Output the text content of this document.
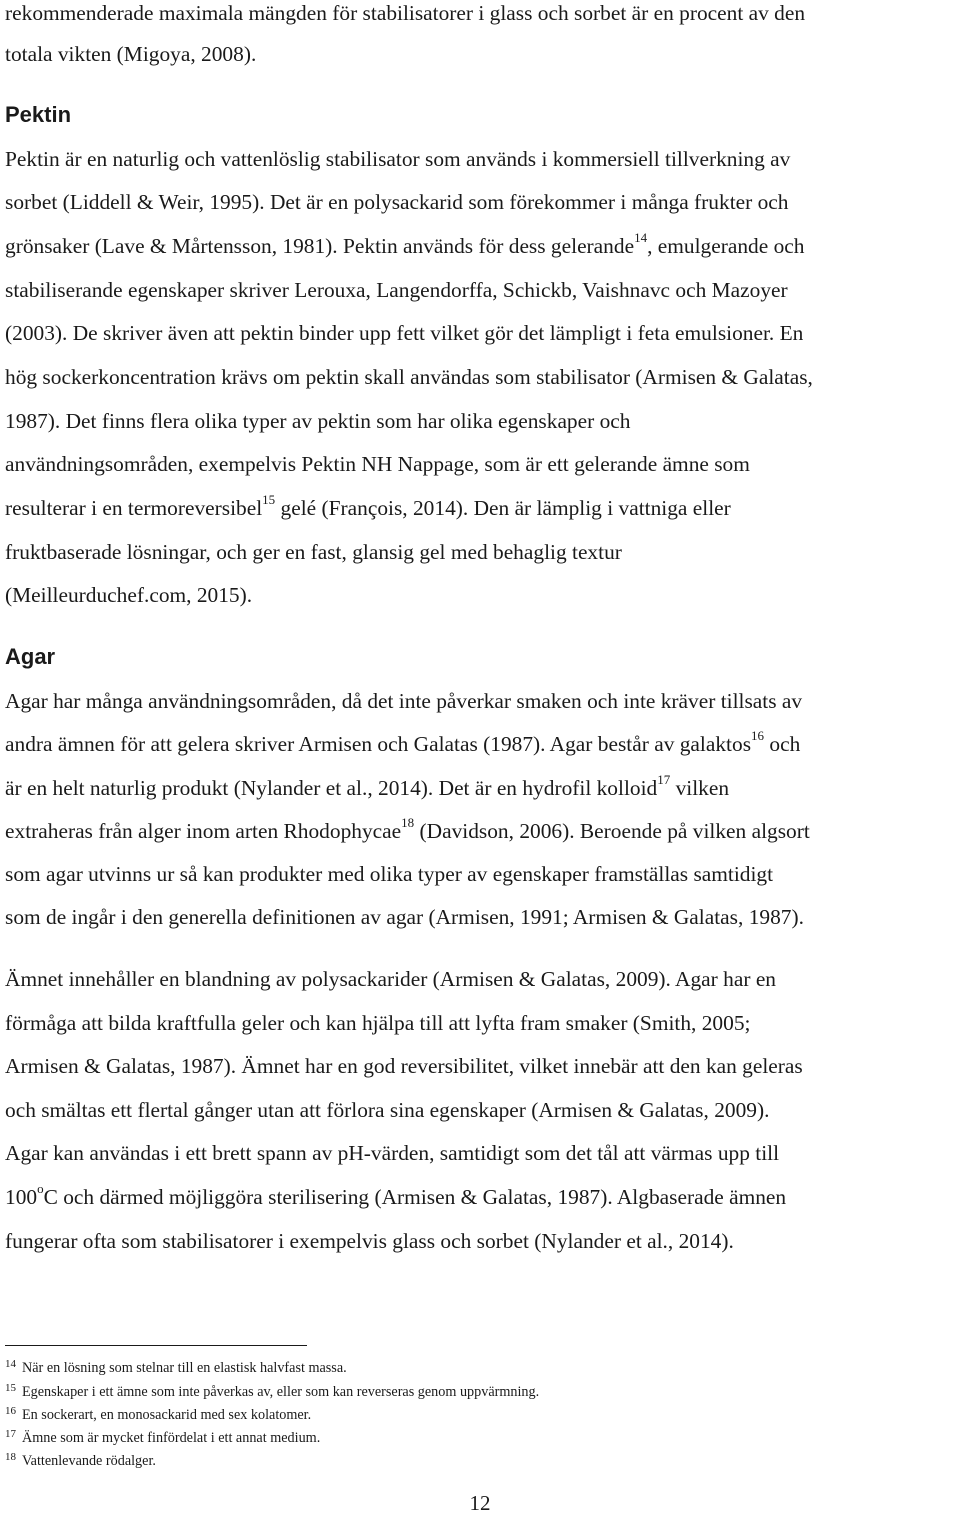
rekommenderade maximala mängden för stabilisatorer i glass och sorbet är en procent av den
totala vikten (Migoya, 2008).
Pektin
Pektin är en naturlig och vattenlöslig stabilisator som används i kommersiell tillverkning av
sorbet (Liddell & Weir, 1995). Det är en polysackarid som förekommer i många frukter och
grönsaker (Lave & Mårtensson, 1981). Pektin används för dess gelerande$^{14}$, emulgerande och
stabiliserande egenskaper skriver Lerouxa, Langendorffa, Schickb, Vaishnavc och Mazoyer
(2003). De skriver även att pektin binder upp fett vilket gör det lämpligt i feta emulsioner. En
hög sockerkoncentration krävs om pektin skall användas som stabilisator (Armisen & Galatas,
1987). Det finns flera olika typer av pektin som har olika egenskaper och
användningsområden, exempelvis Pektin NH Nappage, som är ett gelerande ämne som
resulterar i en termoreversibel$^{15}$ gelé (François, 2014). Den är lämplig i vattniga eller
fruktbaserade lösningar, och ger en fast, glansig gel med behaglig textur
(Meilleurduchef.com, 2015).
Agar
Agar har många användningsområden, då det inte påverkar smaken och inte kräver tillsats av
andra ämnen för att gelera skriver Armisen och Galatas (1987). Agar består av galaktos$^{16}$ och
är en helt naturlig produkt (Nylander et al., 2014). Det är en hydrofil kolloid$^{17}$ vilken
extraheras från alger inom arten Rhodophycae$^{18}$ (Davidson, 2006). Beroende på vilken algsort
som agar utvinns ur så kan produkter med olika typer av egenskaper framställas samtidigt
som de ingår i den generella definitionen av agar (Armisen, 1991; Armisen & Galatas, 1987).
Ämnet innehåller en blandning av polysackarider (Armisen & Galatas, 2009). Agar har en
förmåga att bilda kraftfulla geler och kan hjälpa till att lyfta fram smaker (Smith, 2005;
Armisen & Galatas, 1987). Ämnet har en god reversibilitet, vilket innebär att den kan geleras
och smältas ett flertal gånger utan att förlora sina egenskaper (Armisen & Galatas, 2009).
Agar kan användas i ett brett spann av pH-värden, samtidigt som det tål att värmas upp till
100$^o$C och därmed möjliggöra sterilisering (Armisen & Galatas, 1987). Algbaserade ämnen
fungerar ofta som stabilisatorer i exempelvis glass och sorbet (Nylander et al., 2014).
$^{14}$ När en lösning som stelnar till en elastisk halvfast massa.
$^{15}$ Egenskaper i ett ämne som inte påverkas av, eller som kan reverseras genom uppvärmning.
$^{16}$ En sockerart, en monosackarid med sex kolatomer.
$^{17}$ Ämne som är mycket finfördelat i ett annat medium.
$^{18}$ Vattenlevande rödalger.
12
